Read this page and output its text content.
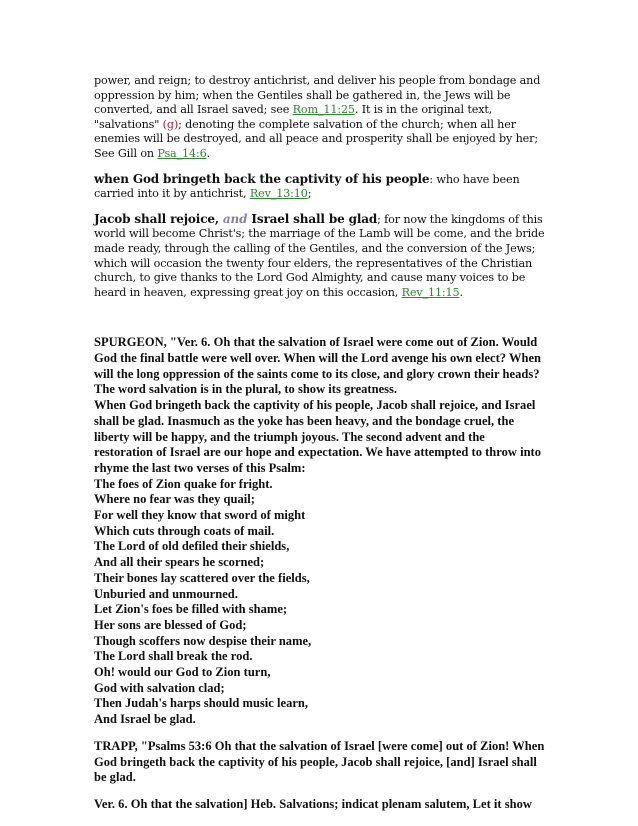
power, and reign; to destroy antichrist, and deliver his people from bondage and oppression by him; when the Gentiles shall be gathered in, the Jews will be converted, and all Israel saved; see Rom_11:25. It is in the original text, "salvations" (g); denoting the complete salvation of the church; when all her enemies will be destroyed, and all peace and prosperity shall be enjoyed by her; See Gill on Psa_14:6.

when God bringeth back the captivity of his people: who have been carried into it by antichrist, Rev_13:10;

Jacob shall rejoice, and Israel shall be glad; for now the kingdoms of this world will become Christ's; the marriage of the Lamb will be come, and the bride made ready, through the calling of the Gentiles, and the conversion of the Jews; which will occasion the twenty four elders, the representatives of the Christian church, to give thanks to the Lord God Almighty, and cause many voices to be heard in heaven, expressing great joy on this occasion, Rev_11:15.

SPURGEON, "Ver. 6. Oh that the salvation of Israel were come out of Zion. Would God the final battle were well over. When will the Lord avenge his own elect? When will the long oppression of the saints come to its close, and glory crown their heads? The word salvation is in the plural, to show its greatness.
When God bringeth back the captivity of his people, Jacob shall rejoice, and Israel shall be glad. Inasmuch as the yoke has been heavy, and the bondage cruel, the liberty will be happy, and the triumph joyous. The second advent and the restoration of Israel are our hope and expectation. We have attempted to throw into rhyme the last two verses of this Psalm:
The foes of Zion quake for fright.
Where no fear was they quail;
For well they know that sword of might
Which cuts through coats of mail.
The Lord of old defiled their shields,
And all their spears he scorned;
Their bones lay scattered over the fields,
Unburied and unmourned.
Let Zion's foes be filled with shame;
Her sons are blessed of God;
Though scoffers now despise their name,
The Lord shall break the rod.
Oh! would our God to Zion turn,
God with salvation clad;
Then Judah's harps should music learn,
And Israel be glad.

TRAPP, "Psalms 53:6 Oh that the salvation of Israel [were come] out of Zion! When God bringeth back the captivity of his people, Jacob shall rejoice, [and] Israel shall be glad.

Ver. 6. Oh that the salvation] Heb. Salvations; indicat plenam salutem, Let it show
